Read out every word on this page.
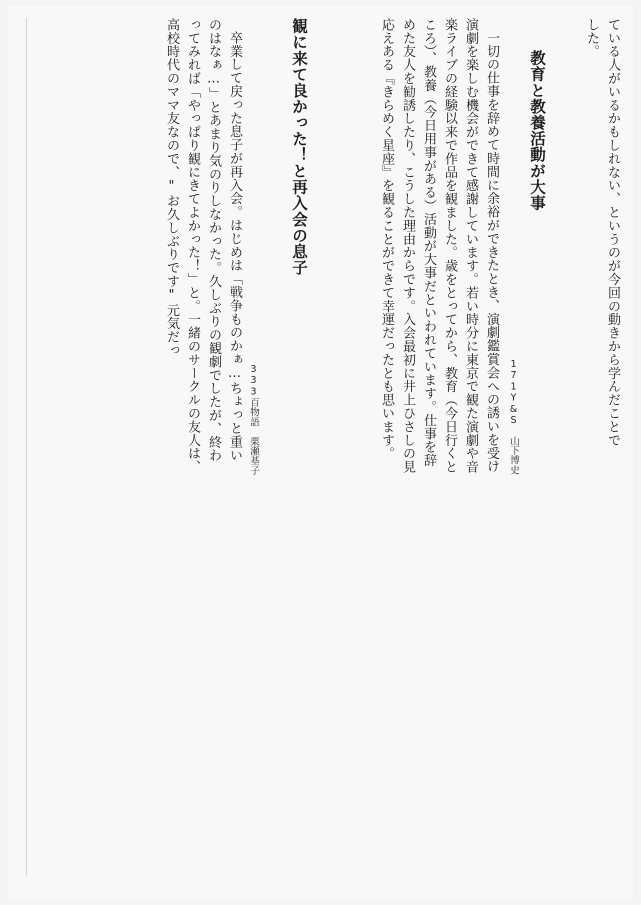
ている人がいるかもしれない、というのが今回の動きから学んだことでした。
教育と教養活動が大事
171Y&S　山下博史

一切の仕事を辞めて時間に余裕ができたとき、演劇鑑賞会への誘いを受け演劇を楽しむ機会ができて感謝しています。若い時分に東京で観た演劇や音楽ライブの経験以来で作品を観ました。歳をとってから、教育（今日行くところ）、教養（今日用事がある）活動が大事だといわれています。仕事を辞めた友人を勧誘したり、こうした理由からです。入会最初に井上ひさしの見応えある『きらめく星座』を観ることができて幸運だったとも思います。

観に来て良かった！と再入会の息子
333百物語　栗瀬基子

卒業して戻った息子が再入会。はじめは「戦争ものかぁ…ちょっと重いのはなぁ…」とあまり気のりしなかった。久しぶりの観劇でしたが、終わってみれば「やっぱり観にきてよかった！」と。一緒のサークルの友人は、高校時代のママ友なので、"お久しぶりです"元気だっ
